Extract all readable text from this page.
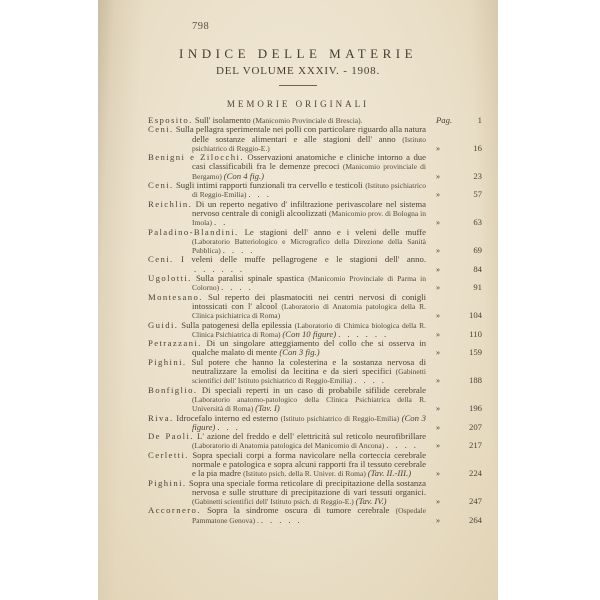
798
INDICE DELLE MATERIE
DEL VOLUME XXXIV. - 1908.
MEMORIE ORIGINALI
Esposito. Sull' isolamento (Manicomio Provinciale di Brescia).	Pag.	1
Ceni. Sulla pellagra sperimentale nei polli con particolare riguardo alla natura delle sostanze alimentari e alle stagioni dell' anno (Istituto psichiatrico di Reggio-E.)	»	16
Benigni e Zilocchi. Osservazioni anatomiche e cliniche intorno a due casi classificabili fra le demenze precoci (Manicomio provinciale di Bergamo) (Con 4 fig.)	»	23
Ceni. Sugli intimi rapporti funzionali tra cervello e testicoli (Istituto psichiatrico di Reggio-Emilia) ...	»	57
Reichlin. Di un reperto negativo d' infiltrazione perivascolare nel sistema nervoso centrale di conigli alcoolizzati (Manicomio prov. di Bologna in Imola) ..	»	63
Paladino-Blandini. Le stagioni dell' anno e i veleni delle muffe (Laboratorio Batteriologico e Micrografico della Direzione della Sanità Pubblica) ....	»	69
Ceni. I veleni delle muffe pellagrogene e le stagioni dell' anno. ......	»	84
Ugolotti. Sulla paralisi spinale spastica (Manicomio Provinciale di Parma in Colorno) ....	»	91
Montesano. Sul reperto dei plasmatociti nei centri nervosi di conigli intossicati con l' alcool (Laboratorio di Anatomia patologica della R. Clinica psichiatrica di Roma)	»	104
Guidi. Sulla patogenesi della epilessia (Laboratorio di Chimica biologica della R. Clinica Psichiatrica di Roma) (Con 10 figure) ......	»	110
Petrazzani. Di un singolare atteggiamento del collo che si osserva in qualche malato di mente (Con 3 fig.)	»	159
Pighini. Sul potere che hanno la colesterina e la sostanza nervosa di neutralizzare la emolisi da lecitina e da sieri specifici (Gabinetti scientifici dell' Istituto psichiatrico di Reggio-Emilia) ....	»	188
Bonfiglio. Di speciali reperti in un caso di probabile sifilide cerebrale (Laboratorio anatomo-patologico della Clinica Psichiatrica della R. Università di Roma) (Tav. I)	»	196
Riva. Idrocefalo interno ed esterno (Istituto psichiatrico di Reggio-Emilia) (Con 3 figure) ...	»	207
De Paoli. L' azione del freddo e dell' elettricità sul reticolo neurofibrillare (Laboratorio di Anatomia patologica del Manicomio di Ancona) ....	»	217
Cerletti. Sopra speciali corpi a forma navicolare nella corteccia cerebrale normale e patologica e sopra alcuni rapporti fra il tessuto cerebrale e la pia madre (Istituto psich. della R. Univer. di Roma) (Tav. II.-III.)	»	224
Pighini. Sopra una speciale forma reticolare di precipitazione della sostanza nervosa e sulle strutture di precipitazione di vari tessuti organici. (Gabinetti scientifici dell' Istituto psich. di Reggio-E.) (Tav. IV.)	»	247
Accornero. Sopra la sindrome oscura di tumore cerebrale (Ospedale Pammatone Genova) . .....	»	264
